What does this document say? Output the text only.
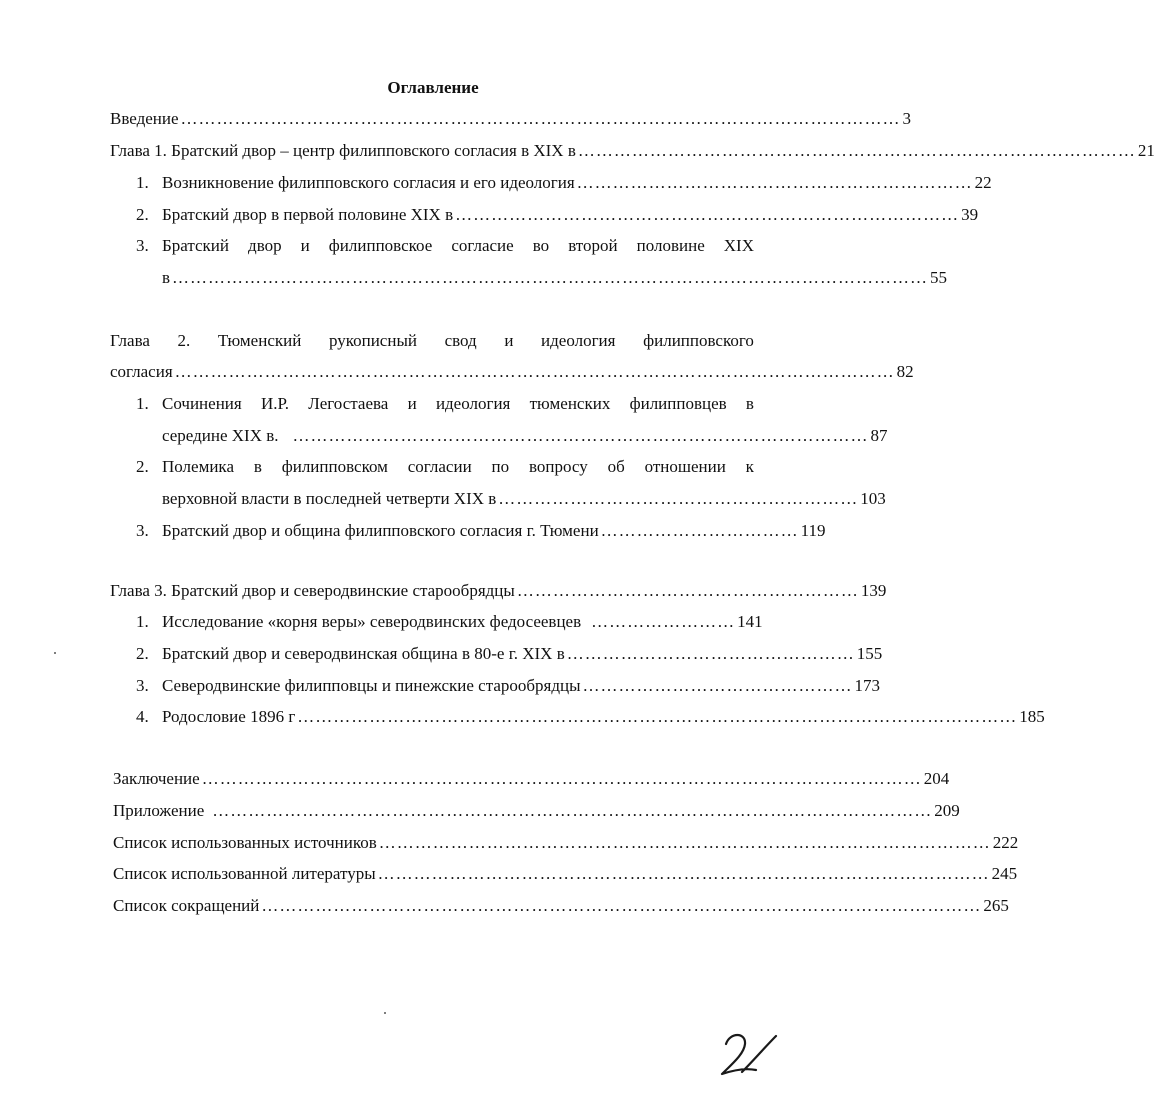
Оглавление
Введение ………………………………………………………………………………………………………… 3
Глава 1. Братский двор – центр филипповского согласия в XIX в ………………………………………………………………………………… 21
1. Возникновение филипповского согласия и его идеология ………………………………………………………… 22
2. Братский двор в первой половине XIX в ………………………………………………………………………… 39
3. Братский двор и филипповское согласие во второй половине XIX
в ……………………………………………………………………………………………………………… 55
Глава 2. Тюменский рукописный свод и идеология филипповского
согласия ………………………………………………………………………………………………………… 82
1. Сочинения И.Р. Легостаева и идеология тюменских филипповцев в
середине XIX в. …………………………………………………………………………………… 87
2. Полемика в филипповском согласии по вопросу об отношении к
верховной власти в последней четверти XIX в …………………………………………………… 103
3. Братский двор и община филипповского согласия г. Тюмени …………………………… 119
Глава 3. Братский двор и северодвинские старообрядцы ………………………………………………… 139
1. Исследование «корня веры» северодвинских федосеевцев …………………… 141
2. Братский двор и северодвинская община в 80-е г. XIX в ………………………………………… 155
3. Северодвинские филипповцы и пинежские старообрядцы ……………………………………… 173
4. Родословие 1896 г ………………………………………………………………………………………………………… 185
Заключение ………………………………………………………………………………………………………… 204
Приложение ………………………………………………………………………………………………………… 209
Список использованных источников ………………………………………………………………………………………… 222
Список использованной литературы ………………………………………………………………………………………… 245
Список сокращений ………………………………………………………………………………………………………… 265
